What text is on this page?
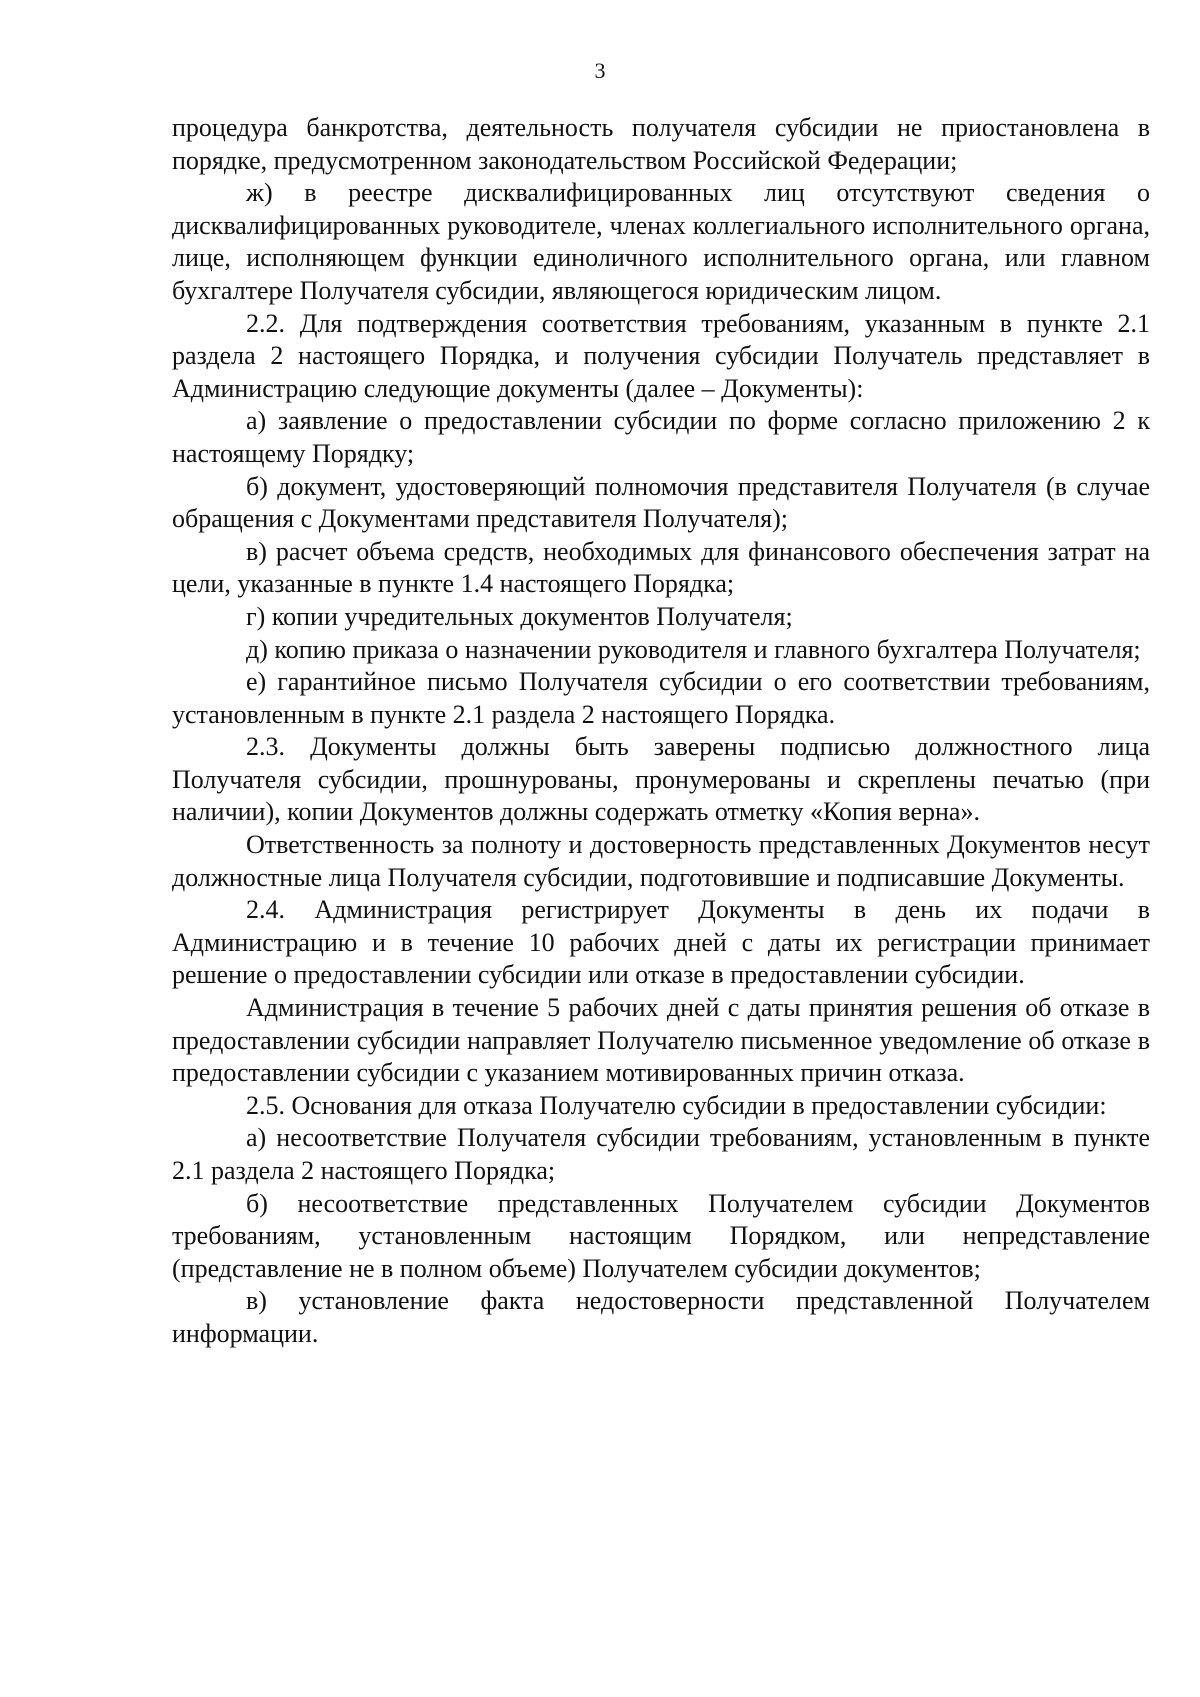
3

процедура банкротства, деятельность получателя субсидии не приостановлена в порядке, предусмотренном законодательством Российской Федерации;

ж) в реестре дисквалифицированных лиц отсутствуют сведения о дисквалифицированных руководителе, членах коллегиального исполнительного органа, лице, исполняющем функции единоличного исполнительного органа, или главном бухгалтере Получателя субсидии, являющегося юридическим лицом.

2.2. Для подтверждения соответствия требованиям, указанным в пункте 2.1 раздела 2 настоящего Порядка, и получения субсидии Получатель представляет в Администрацию следующие документы (далее – Документы):

а) заявление о предоставлении субсидии по форме согласно приложению 2 к настоящему Порядку;

б) документ, удостоверяющий полномочия представителя Получателя (в случае обращения с Документами представителя Получателя);

в) расчет объема средств, необходимых для финансового обеспечения затрат на цели, указанные в пункте 1.4 настоящего Порядка;

г) копии учредительных документов Получателя;

д) копию приказа о назначении руководителя и главного бухгалтера Получателя;

е) гарантийное письмо Получателя субсидии о его соответствии требованиям, установленным в пункте 2.1 раздела 2 настоящего Порядка.

2.3. Документы должны быть заверены подписью должностного лица Получателя субсидии, прошнурованы, пронумерованы и скреплены печатью (при наличии), копии Документов должны содержать отметку «Копия верна».

Ответственность за полноту и достоверность представленных Документов несут должностные лица Получателя субсидии, подготовившие и подписавшие Документы.

2.4. Администрация регистрирует Документы в день их подачи в Администрацию и в течение 10 рабочих дней с даты их регистрации принимает решение о предоставлении субсидии или отказе в предоставлении субсидии.

Администрация в течение 5 рабочих дней с даты принятия решения об отказе в предоставлении субсидии направляет Получателю письменное уведомление об отказе в предоставлении субсидии с указанием мотивированных причин отказа.

2.5. Основания для отказа Получателю субсидии в предоставлении субсидии:

а) несоответствие Получателя субсидии требованиям, установленным в пункте 2.1 раздела 2 настоящего Порядка;

б) несоответствие представленных Получателем субсидии Документов требованиям, установленным настоящим Порядком, или непредставление (представление не в полном объеме) Получателем субсидии документов;

в) установление факта недостоверности представленной Получателем информации.
